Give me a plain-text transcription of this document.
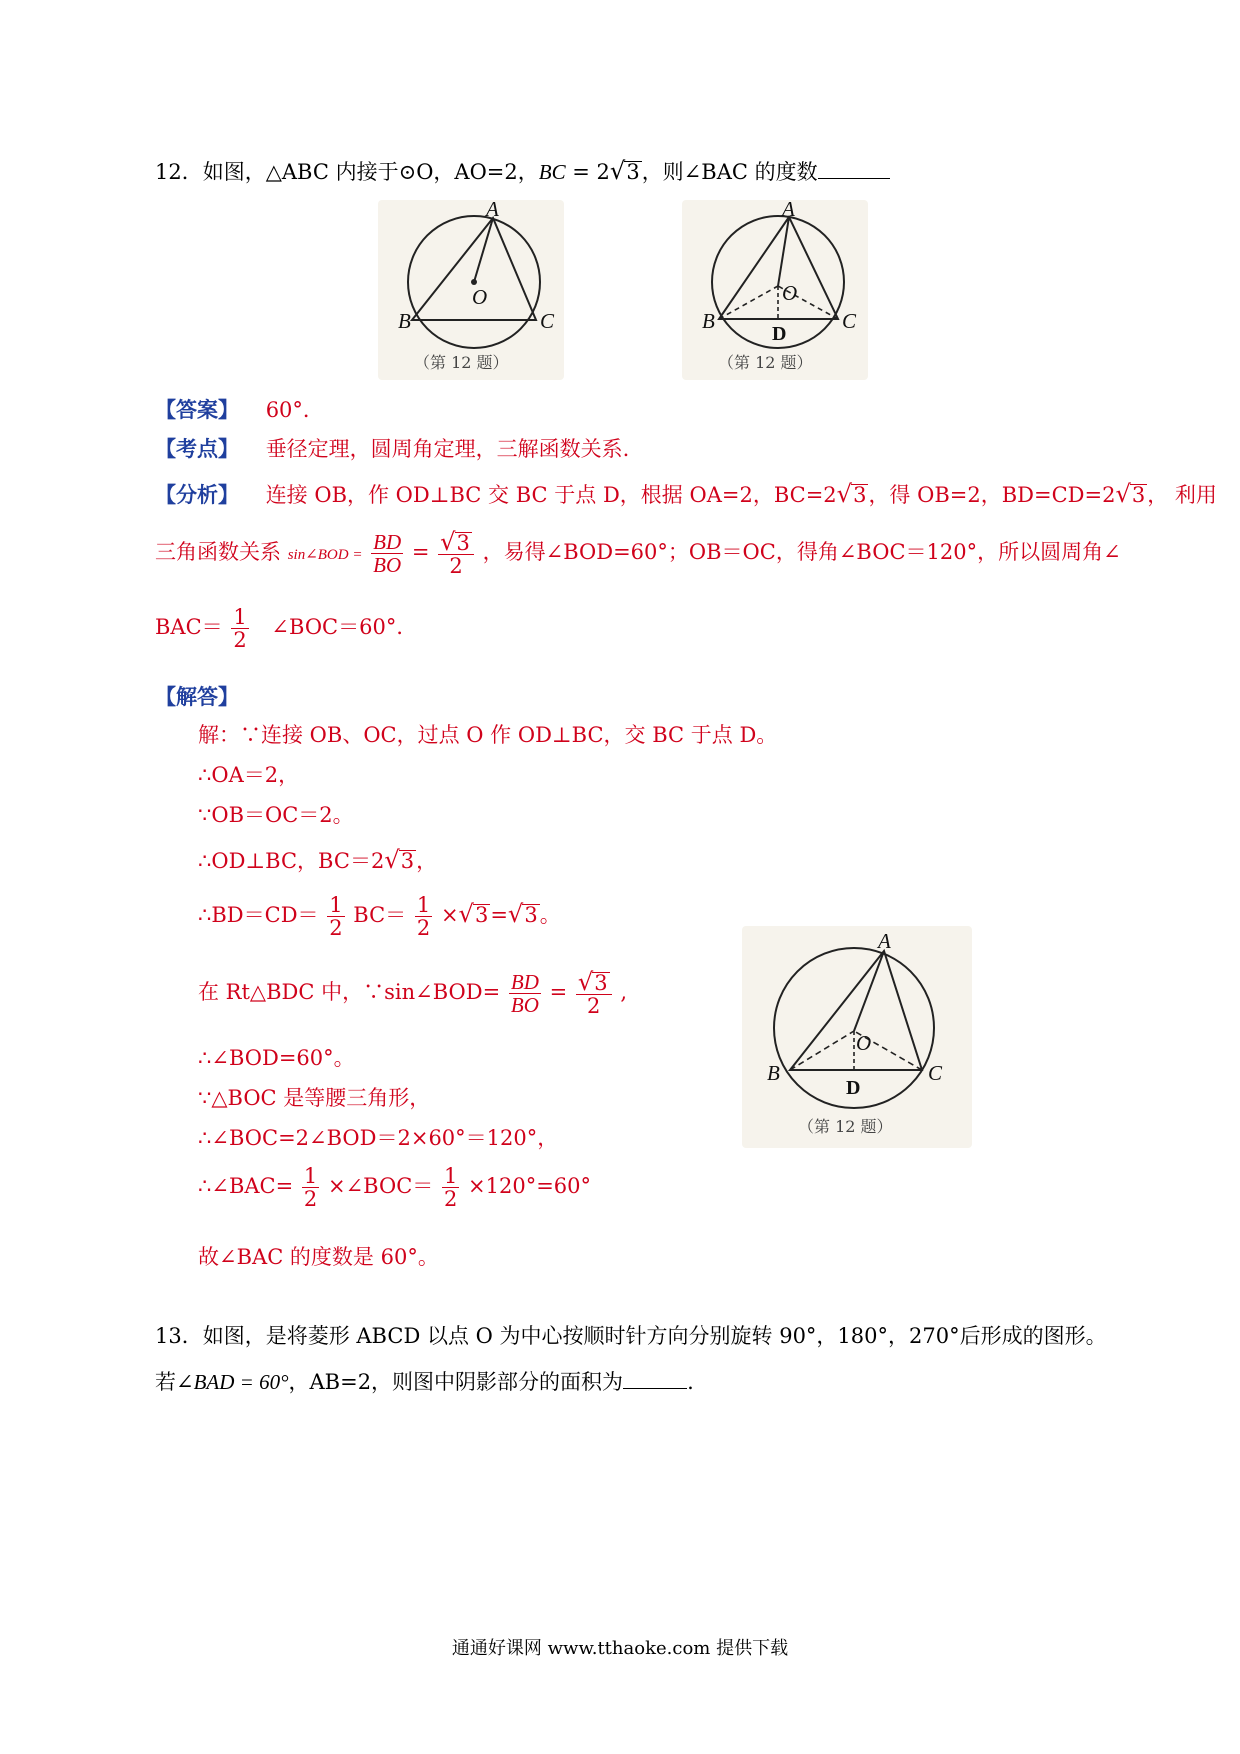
12．如图，△ABC 内接于⊙O，AO=2，BC = 2√3，则∠BAC 的度数
A
B	C
O
（第 12 题）
A
B	C
O
D
（第 12 题）
【答案】 60°．
【考点】 垂径定理，圆周角定理，三解函数关系.
【分析】 连接 OB，作 OD⊥BC 交 BC 于点 D，根据 OA=2，BC=2√3，得 OB=2，BD=CD=2√3， 利用
三角函数关系 sin∠BOD = $\frac{BD}{BO} = \frac{√3}{2}$ ，易得∠BOD=60°；OB＝OC，得角∠BOC＝120°，所以圆周角∠
$BAC= \frac{1}{2}$ ∠BOC＝60°．
【解答】
解：∵连接 OB、OC，过点 O 作 OD⊥BC，交 BC 于点 D。
∴OA＝2，
∵OB＝OC＝2。
∴OD⊥BC，BC＝2√3，
∴BD＝CD＝ $\frac{1}{2} BC= \frac{1}{2} \times√3=√3$。
在 Rt△BDC 中，∵sin∠BOD= $\frac{BD}{BO} = \frac{√3}{2}$ ,
∴∠BOD=60°。
∵△BOC 是等腰三角形，
∴∠BOC=2∠BOD＝2×60°＝120°，
∴∠BAC= $\frac{1}{2}$ ×∠BOC＝ $\frac{1}{2} \times 120^\circ=60^\circ$
故∠BAC 的度数是 60°。
A
B	C
O
D
（第 12 题）
13．如图，是将菱形 ABCD 以点 O 为中心按顺时针方向分别旋转 90°，180°，270°后形成的图形。
若∠BAD = 60°，AB=2，则图中阴影部分的面积为	.
通通好课网 www.tthaoke.com 提供下载
